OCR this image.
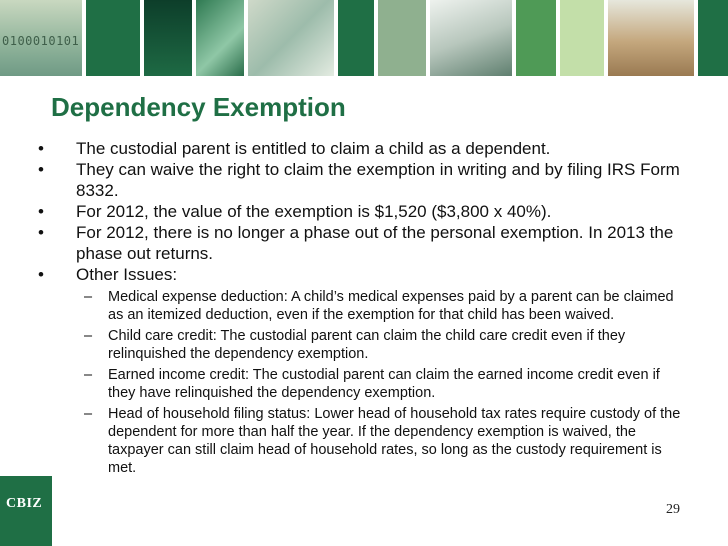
0100010101
Dependency Exemption
•	The custodial parent is entitled to claim a child as a dependent.
•	They can waive the right to claim the exemption in writing and by filing IRS Form 8332.
•	For 2012, the value of the exemption is $1,520 ($3,800 x 40%).
•	For 2012, there is no longer a phase out of the personal exemption. In 2013 the phase out returns.
•	Other Issues:
– Medical expense deduction: A child’s medical expenses paid by a parent can be claimed as an itemized deduction, even if the exemption for that child has been waived.
– Child care credit: The custodial parent can claim the child care credit even if they relinquished the dependency exemption.
– Earned income credit: The custodial parent can claim the earned income credit even if they have relinquished the dependency exemption.
– Head of household filing status: Lower head of household tax rates require custody of the dependent for more than half the year. If the dependency exemption is waived, the taxpayer can still claim head of household rates, so long as the custody requirement is met.
CBIZ	29
